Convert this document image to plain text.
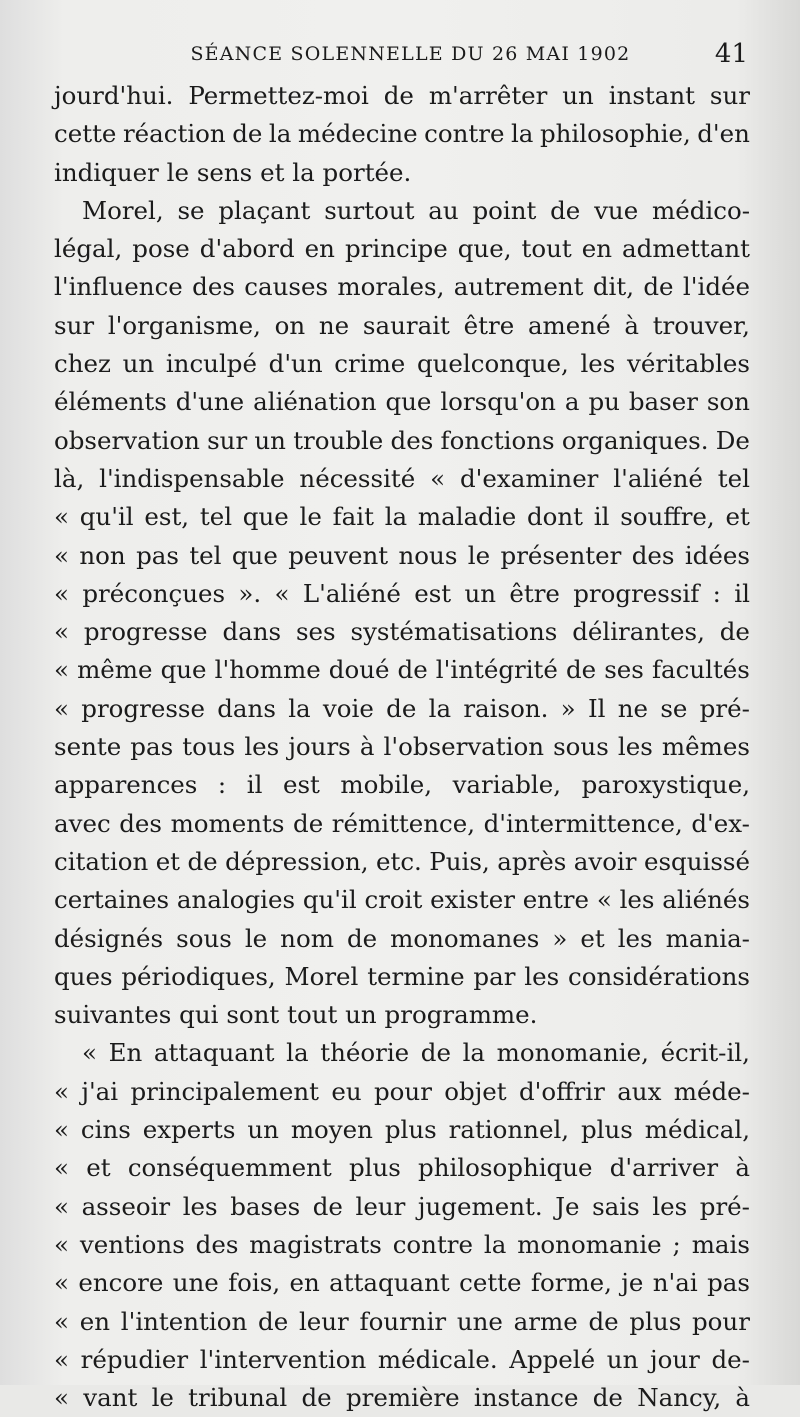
SÉANCE SOLENNELLE DU 26 MAI 1902	41
jourd'hui. Permettez-moi de m'arrêter un instant sur
cette réaction de la médecine contre la philosophie, d'en
indiquer le sens et la portée.
Morel, se plaçant surtout au point de vue médico-
légal, pose d'abord en principe que, tout en admettant
l'influence des causes morales, autrement dit, de l'idée
sur l'organisme, on ne saurait être amené à trouver,
chez un inculpé d'un crime quelconque, les véritables
éléments d'une aliénation que lorsqu'on a pu baser son
observation sur un trouble des fonctions organiques. De
là, l'indispensable nécessité « d'examiner l'aliéné tel
« qu'il est, tel que le fait la maladie dont il souffre, et
« non pas tel que peuvent nous le présenter des idées
« préconçues ». « L'aliéné est un être progressif : il
« progresse dans ses systématisations délirantes, de
« même que l'homme doué de l'intégrité de ses facultés
« progresse dans la voie de la raison. » Il ne se pré-
sente pas tous les jours à l'observation sous les mêmes
apparences : il est mobile, variable, paroxystique,
avec des moments de rémittence, d'intermittence, d'ex-
citation et de dépression, etc. Puis, après avoir esquissé
certaines analogies qu'il croit exister entre « les aliénés
désignés sous le nom de monomanes » et les mania-
ques périodiques, Morel termine par les considérations
suivantes qui sont tout un programme.
« En attaquant la théorie de la monomanie, écrit-il,
« j'ai principalement eu pour objet d'offrir aux méde-
« cins experts un moyen plus rationnel, plus médical,
« et conséquemment plus philosophique d'arriver à
« asseoir les bases de leur jugement. Je sais les pré-
« ventions des magistrats contre la monomanie ; mais
« encore une fois, en attaquant cette forme, je n'ai pas
« en l'intention de leur fournir une arme de plus pour
« répudier l'intervention médicale. Appelé un jour de-
« vant le tribunal de première instance de Nancy, à
